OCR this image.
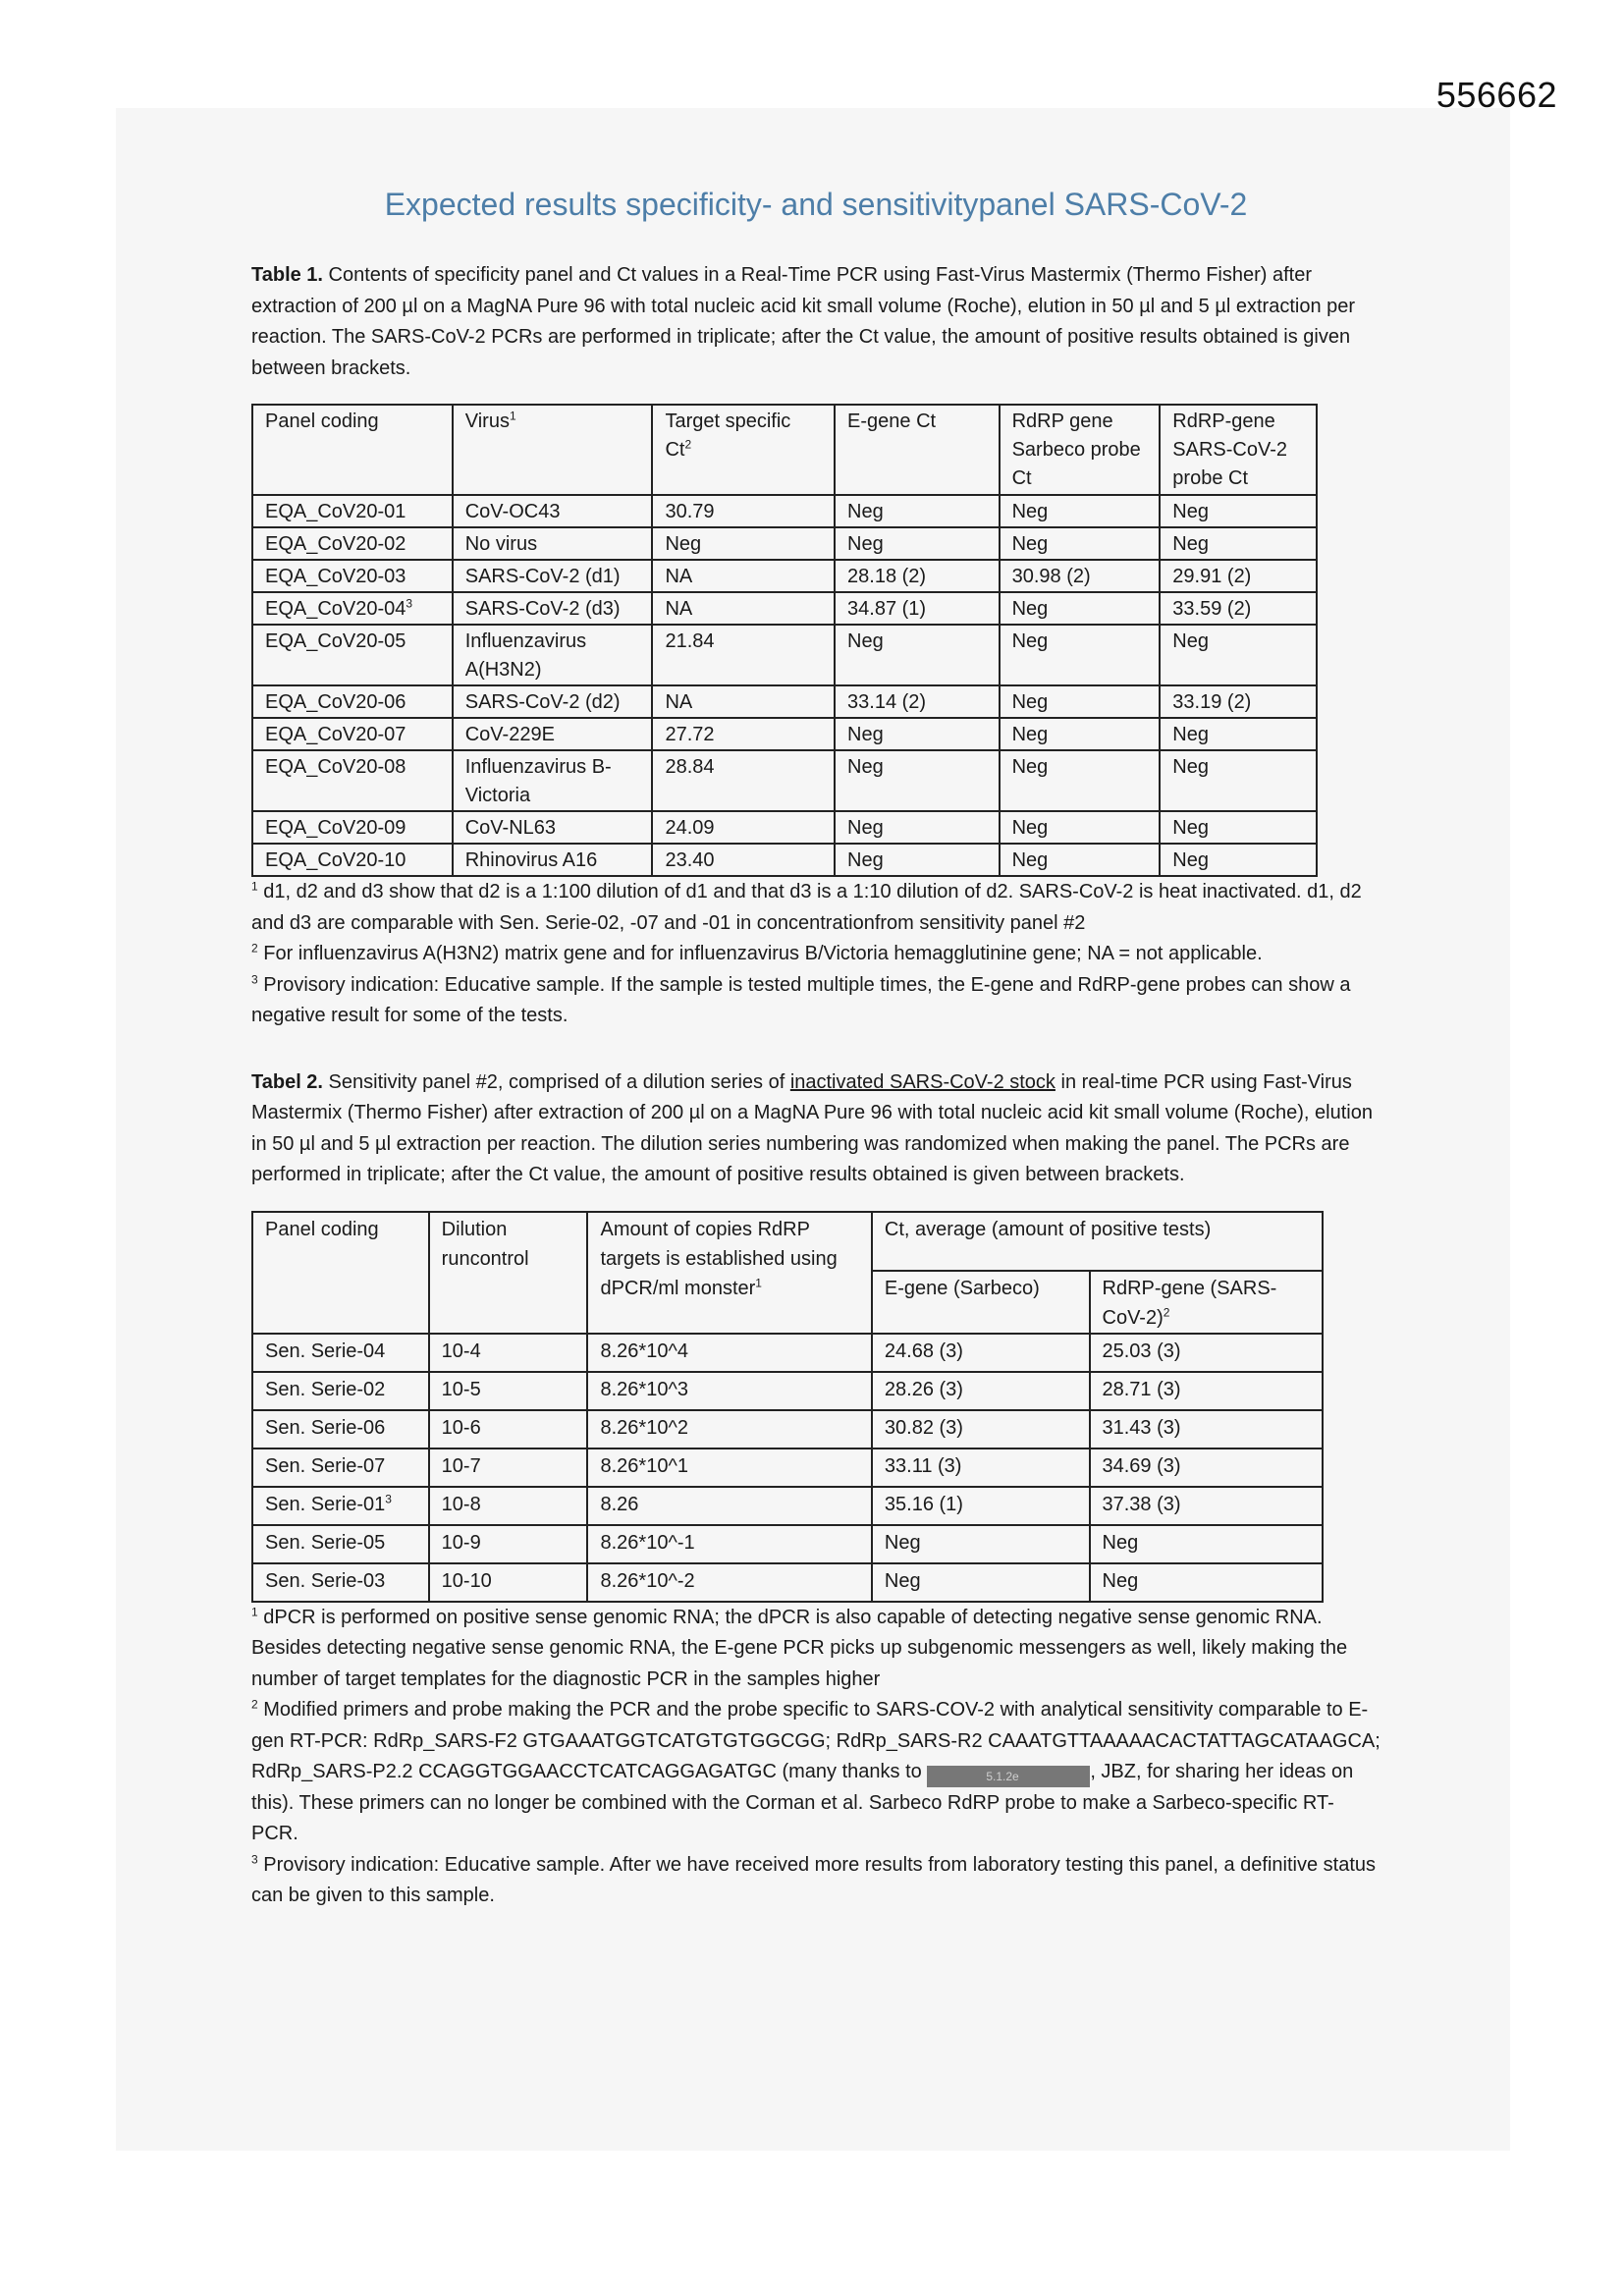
556662
Expected results specificity- and sensitivitypanel SARS-CoV-2

Table 1. Contents of specificity panel and Ct values in a Real-Time PCR using Fast-Virus Mastermix (Thermo Fisher) after extraction of 200 µl on a MagNA Pure 96 with total nucleic acid kit small volume (Roche), elution in 50 µl and 5 µl extraction per reaction. The SARS-CoV-2 PCRs are performed in triplicate; after the Ct value, the amount of positive results obtained is given between brackets.

Panel coding	Virus$^1$	Target specific Ct$^2$	E-gene Ct	RdRP gene Sarbeco probe Ct	RdRP-gene SARS-CoV-2 probe Ct
EQA_CoV20-01	CoV-OC43	30.79	Neg	Neg	Neg
EQA_CoV20-02	No virus	Neg	Neg	Neg	Neg
EQA_CoV20-03	SARS-CoV-2 (d1)	NA	28.18 (2)	30.98 (2)	29.91 (2)
$EQA\_CoV20-04^3$	SARS-CoV-2 (d3)	NA	34.87 (1)	Neg	33.59 (2)
EQA_CoV20-05	Influenzavirus A(H3N2)	21.84	Neg	Neg	Neg
EQA_CoV20-06	SARS-CoV-2 (d2)	NA	33.14 (2)	Neg	33.19 (2)
EQA_CoV20-07	CoV-229E	27.72	Neg	Neg	Neg
EQA_CoV20-08	Influenzavirus B-Victoria	28.84	Neg	Neg	Neg
EQA_CoV20-09	CoV-NL63	24.09	Neg	Neg	Neg
EQA_CoV20-10	Rhinovirus A16	23.40	Neg	Neg	Neg

$^1$ d1, d2 and d3 show that d2 is a 1:100 dilution of d1 and that d3 is a 1:10 dilution of d2. SARS-CoV-2 is heat inactivated. d1, d2 and d3 are comparable with Sen. Serie-02, -07 and -01 in concentrationfrom sensitivity panel #2

$^2$ For influenzavirus A(H3N2) matrix gene and for influenzavirus B/Victoria hemagglutinine gene; NA = not applicable.

$^3$ Provisory indication: Educative sample. If the sample is tested multiple times, the E-gene and RdRP-gene probes can show a negative result for some of the tests.

Tabel 2. Sensitivity panel #2, comprised of a dilution series of inactivated SARS-CoV-2 stock in real-time PCR using Fast-Virus Mastermix (Thermo Fisher) after extraction of 200 µl on a MagNA Pure 96 with total nucleic acid kit small volume (Roche), elution in 50 µl and 5 µl extraction per reaction. The dilution series numbering was randomized when making the panel. The PCRs are performed in triplicate; after the Ct value, the amount of positive results obtained is given between brackets.

Panel coding	Dilution runcontrol	Amount of copies RdRP targets is established using dPCR/ml monster$^1$	Ct, average (amount of positive tests)	
			E-gene (Sarbeco)	RdRP-gene (SARS-CoV-2)$^2$
Sen. Serie-04	10-4	8.26*10^4	24.68 (3)	25.03 (3)
Sen. Serie-02	10-5	8.26*10^3	28.26 (3)	28.71 (3)
Sen. Serie-06	10-6	8.26*10^2	30.82 (3)	31.43 (3)
Sen. Serie-07	10-7	8.26*10^1	33.11 (3)	34.69 (3)
Sen. Serie-$01^3$	10-8	8.26	35.16 (1)	37.38 (3)
Sen. Serie-05	10-9	8.26*10^-1	Neg	Neg
Sen. Serie-03	10-10	8.26*10^-2	Neg	Neg

$^1$ dPCR is performed on positive sense genomic RNA; the dPCR is also capable of detecting negative sense genomic RNA. Besides detecting negative sense genomic RNA, the E-gene PCR picks up subgenomic messengers as well, likely making the number of target templates for the diagnostic PCR in the samples higher

$^2$ Modified primers and probe making the PCR and the probe specific to SARS-COV-2 with analytical sensitivity comparable to E-gen RT-PCR: RdRp_SARS-F2 GTGAAATGGTCATGTGTGGCGG; RdRp_SARS-R2 CAAATGTTAAAAACACTATTAGCATAAGCA; RdRp_SARS-P2.2 CCAGGTGGAACCTCATCAGGAGATGC (many thanks to	5.1.2e	, JBZ, for sharing her ideas on this). These primers can no longer be combined with the Corman et al. Sarbeco RdRP probe to make a Sarbeco-specific RT-PCR.

$^3$ Provisory indication: Educative sample. After we have received more results from laboratory testing this panel, a definitive status can be given to this sample.
